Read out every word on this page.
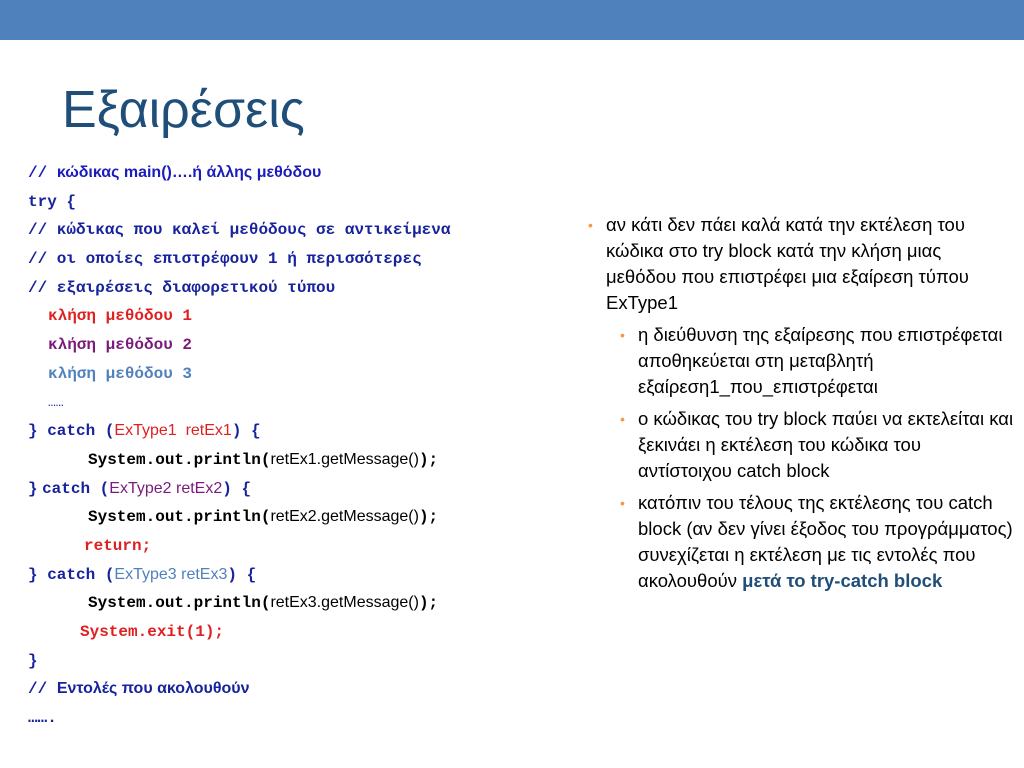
Εξαιρέσεις
// κώδικας main()….ή άλλης μεθόδου
try {
// κώδικας που καλεί μεθόδους σε αντικείμενα
// οι οποίες επιστρέφουν 1 ή περισσότερες
// εξαιρέσεις διαφορετικού τύπου
κλήση μεθόδου 1
κλήση μεθόδου 2
κλήση μεθόδου 3
……
} catch (ExType1  retEx1) {
System.out.println(retEx1.getMessage());
} catch (ExType2 retEx2) {
System.out.println(retEx2.getMessage());
return;
} catch (ExType3 retEx3) {
System.out.println(retEx3.getMessage());
System.exit(1);
}
// Εντολές που ακολουθούν
…….
• αν κάτι δεν πάει καλά κατά την εκτέλεση του κώδικα στο try block κατά την κλήση μιας μεθόδου που επιστρέφει μια εξαίρεση τύπου ExType1
• η διεύθυνση της εξαίρεσης που επιστρέφεται αποθηκεύεται στη μεταβλητή εξαίρεση1_που_επιστρέφεται
• ο κώδικας του try block παύει να εκτελείται και ξεκινάει η εκτέλεση του κώδικα του αντίστοιχου catch block
• κατόπιν του τέλους της εκτέλεσης του catch block (αν δεν γίνει έξοδος του προγράμματος) συνεχίζεται η εκτέλεση με τις εντολές που ακολουθούν μετά το try-catch block
